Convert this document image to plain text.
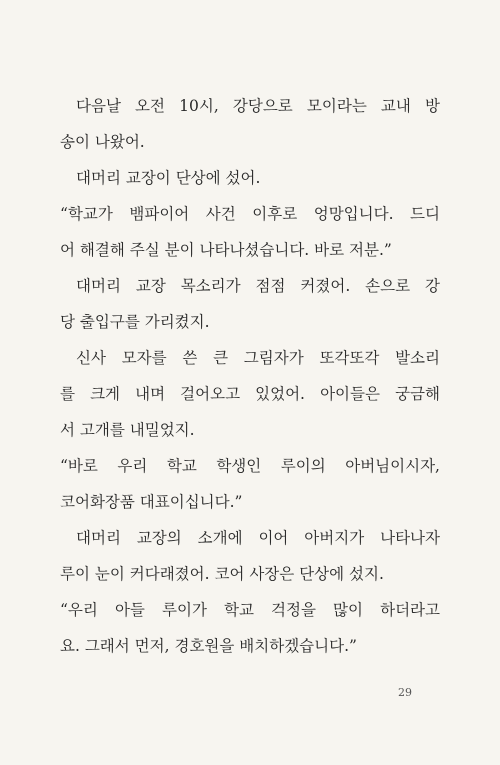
다음날 오전 10시, 강당으로 모이라는 교내 방
송이 나왔어.
대머리 교장이 단상에 섰어.
“학교가 뱀파이어 사건 이후로 엉망입니다. 드디
어 해결해 주실 분이 나타나셨습니다. 바로 저분.”
대머리 교장 목소리가 점점 커졌어. 손으로 강
당 출입구를 가리켰지.
신사 모자를 쓴 큰 그림자가 또각또각 발소리
를 크게 내며 걸어오고 있었어. 아이들은 궁금해
서 고개를 내밀었지.
“바로 우리 학교 학생인 루이의 아버님이시자,
코어화장품 대표이십니다.”
대머리 교장의 소개에 이어 아버지가 나타나자
루이 눈이 커다래졌어. 코어 사장은 단상에 섰지.
“우리 아들 루이가 학교 걱정을 많이 하더라고
요. 그래서 먼저, 경호원을 배치하겠습니다.”
29
